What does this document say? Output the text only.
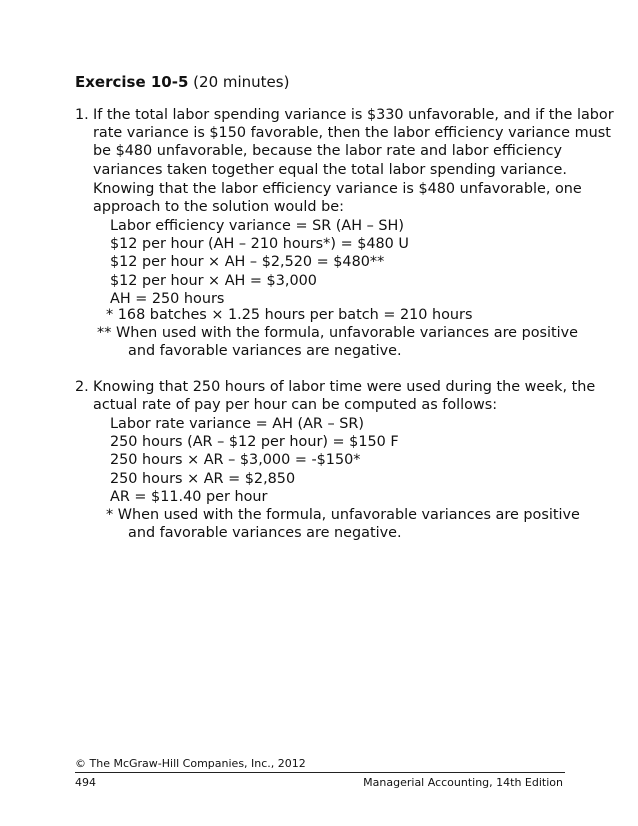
Exercise 10-5 (20 minutes)
1. If the total labor spending variance is $330 unfavorable, and if the labor
rate variance is $150 favorable, then the labor efficiency variance must
be $480 unfavorable, because the labor rate and labor efficiency
variances taken together equal the total labor spending variance.
Knowing that the labor efficiency variance is $480 unfavorable, one
approach to the solution would be:
Labor efficiency variance = SR (AH – SH)
$12 per hour (AH – 210 hours*) = $480 U
$12 per hour × AH – $2,520 = $480**
$12 per hour × AH = $3,000
AH = 250 hours
* 168 batches × 1.25 hours per batch = 210 hours
** When used with the formula, unfavorable variances are positive
and favorable variances are negative.
2. Knowing that 250 hours of labor time were used during the week, the
actual rate of pay per hour can be computed as follows:
Labor rate variance = AH (AR – SR)
250 hours (AR – $12 per hour) = $150 F
250 hours × AR – $3,000 = -$150*
250 hours × AR = $2,850
AR = $11.40 per hour
* When used with the formula, unfavorable variances are positive
and favorable variances are negative.
© The McGraw-Hill Companies, Inc., 2012
494	Managerial Accounting, 14th Edition
